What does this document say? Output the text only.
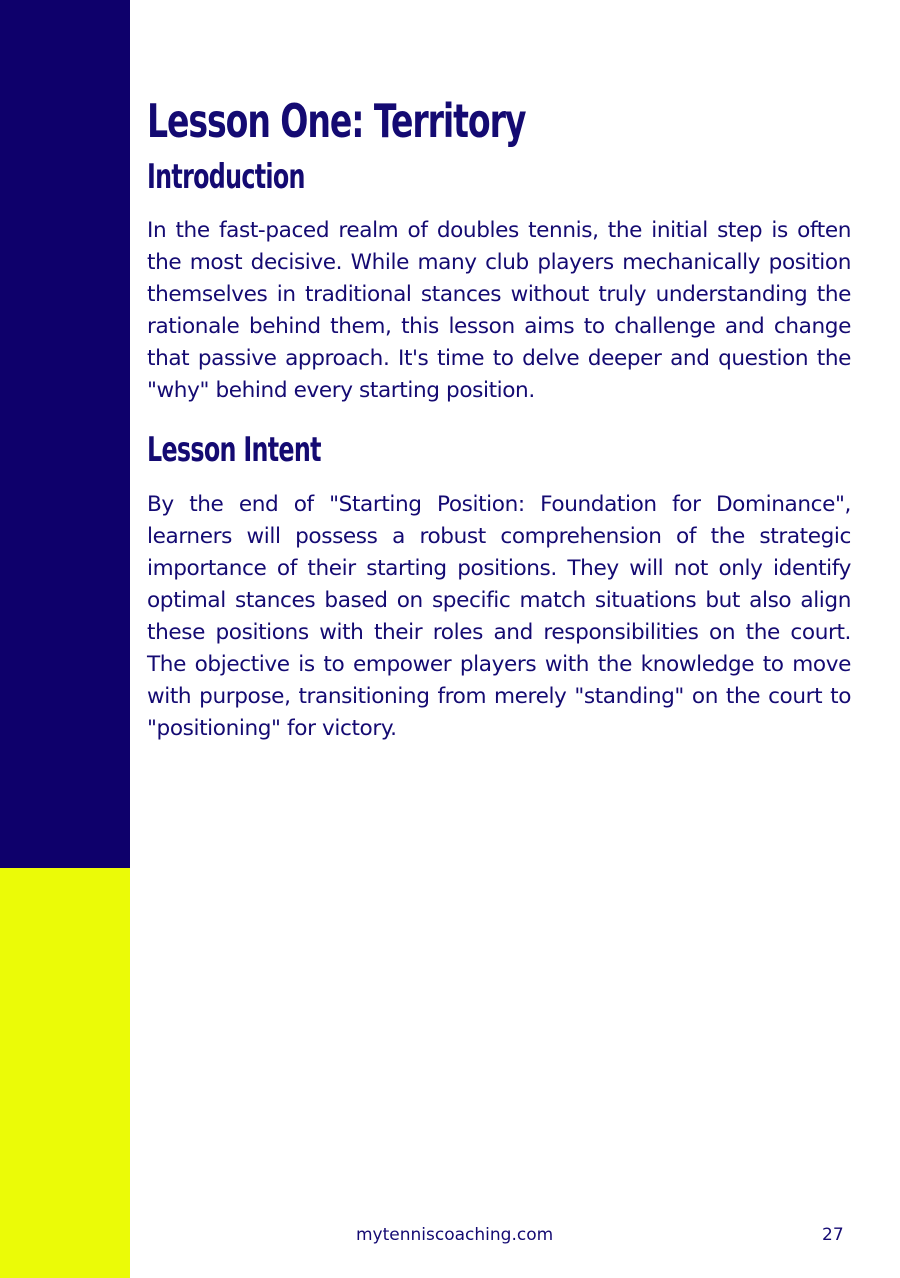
Lesson One: Territory
Introduction

In the fast-paced realm of doubles tennis, the initial step is often the most decisive. While many club players mechanically position themselves in traditional stances without truly understanding the rationale behind them, this lesson aims to challenge and change that passive approach. It's time to delve deeper and question the "why" behind every starting position.

Lesson Intent

By the end of "Starting Position: Foundation for Dominance", learners will possess a robust comprehension of the strategic importance of their starting positions. They will not only identify optimal stances based on specific match situations but also align these positions with their roles and responsibilities on the court. The objective is to empower players with the knowledge to move with purpose, transitioning from merely "standing" on the court to "positioning" for victory.

mytenniscoaching.com	27
